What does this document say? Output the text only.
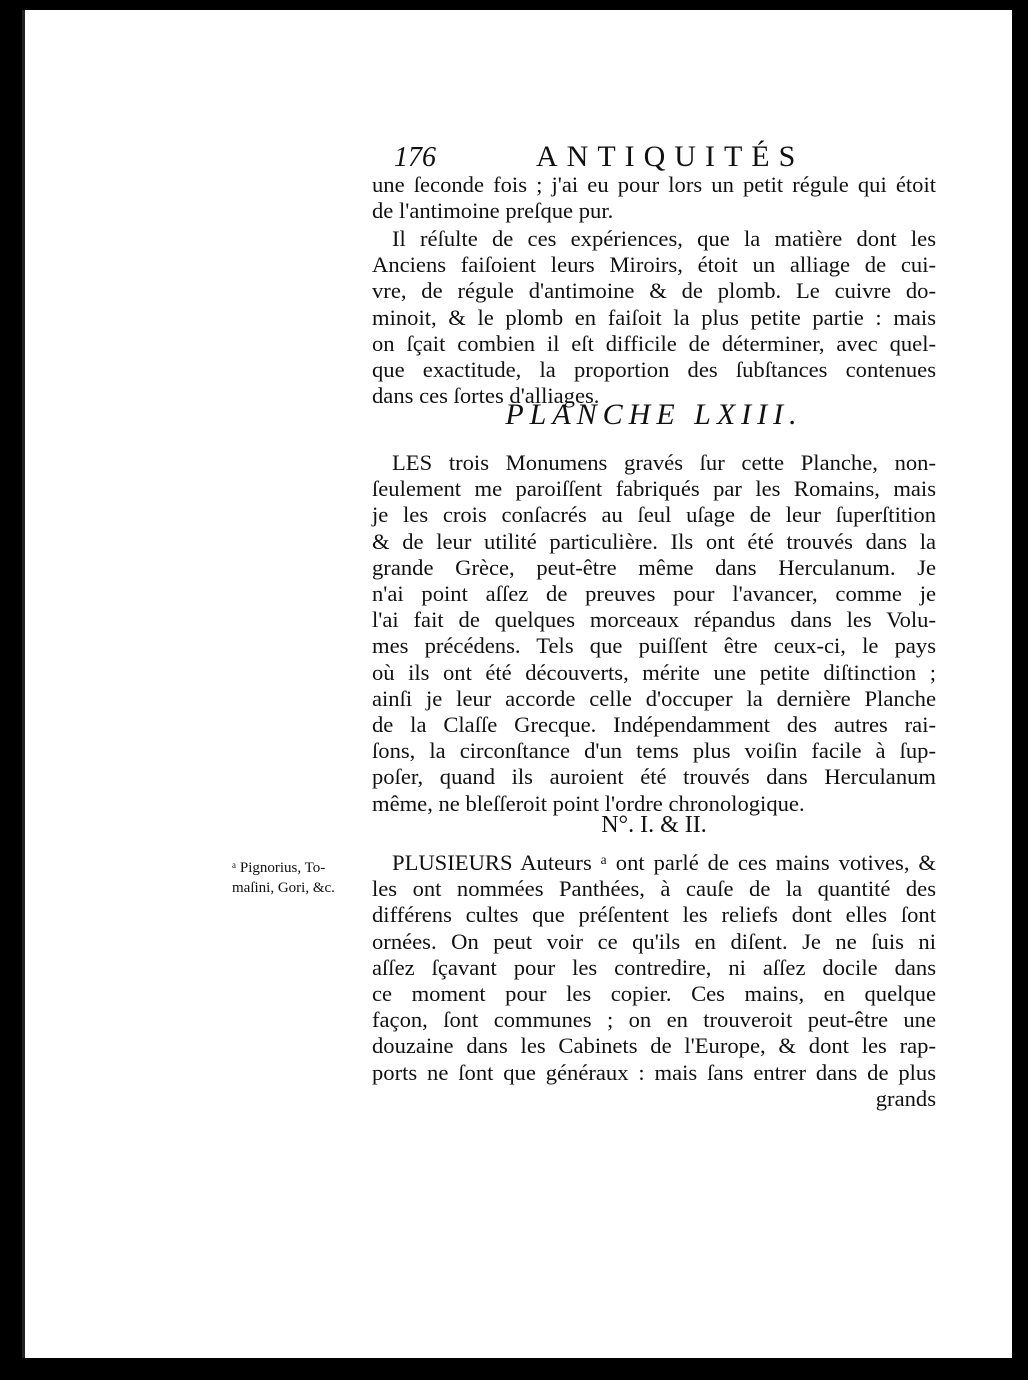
176	ANTIQUITÉS
une ſeconde fois ; j'ai eu pour lors un petit régule qui étoit
de l'antimoine preſque pur.
Il réſulte de ces expériences, que la matière dont les
Anciens faiſoient leurs Miroirs, étoit un alliage de cui-
vre, de régule d'antimoine & de plomb. Le cuivre do-
minoit, & le plomb en faiſoit la plus petite partie : mais
on ſçait combien il eſt difficile de déterminer, avec quel-
que exactitude, la proportion des ſubſtances contenues
dans ces ſortes d'alliages.
PLANCHE LXIII.
LES trois Monumens gravés ſur cette Planche, non-
ſeulement me paroiſſent fabriqués par les Romains, mais
je les crois conſacrés au ſeul uſage de leur ſuperſtition
& de leur utilité particulière. Ils ont été trouvés dans la
grande Grèce, peut-être même dans Herculanum. Je
n'ai point aſſez de preuves pour l'avancer, comme je
l'ai fait de quelques morceaux répandus dans les Volu-
mes précédens. Tels que puiſſent être ceux-ci, le pays
où ils ont été découverts, mérite une petite diſtinction ;
ainſi je leur accorde celle d'occuper la dernière Planche
de la Claſſe Grecque. Indépendamment des autres rai-
ſons, la circonſtance d'un tems plus voiſin facile à ſup-
poſer, quand ils auroient été trouvés dans Herculanum
même, ne bleſſeroit point l'ordre chronologique.
N°. I. & II.
ᵃ Pignorius, To-
maſini, Gori, &c.
PLUSIEURS Auteurs ᵃ ont parlé de ces mains votives, &
les ont nommées Panthées, à cauſe de la quantité des
différens cultes que préſentent les reliefs dont elles ſont
ornées. On peut voir ce qu'ils en diſent. Je ne ſuis ni
aſſez ſçavant pour les contredire, ni aſſez docile dans
ce moment pour les copier. Ces mains, en quelque
façon, ſont communes ; on en trouveroit peut-être une
douzaine dans les Cabinets de l'Europe, & dont les rap-
ports ne ſont que généraux : mais ſans entrer dans de plus
grands
